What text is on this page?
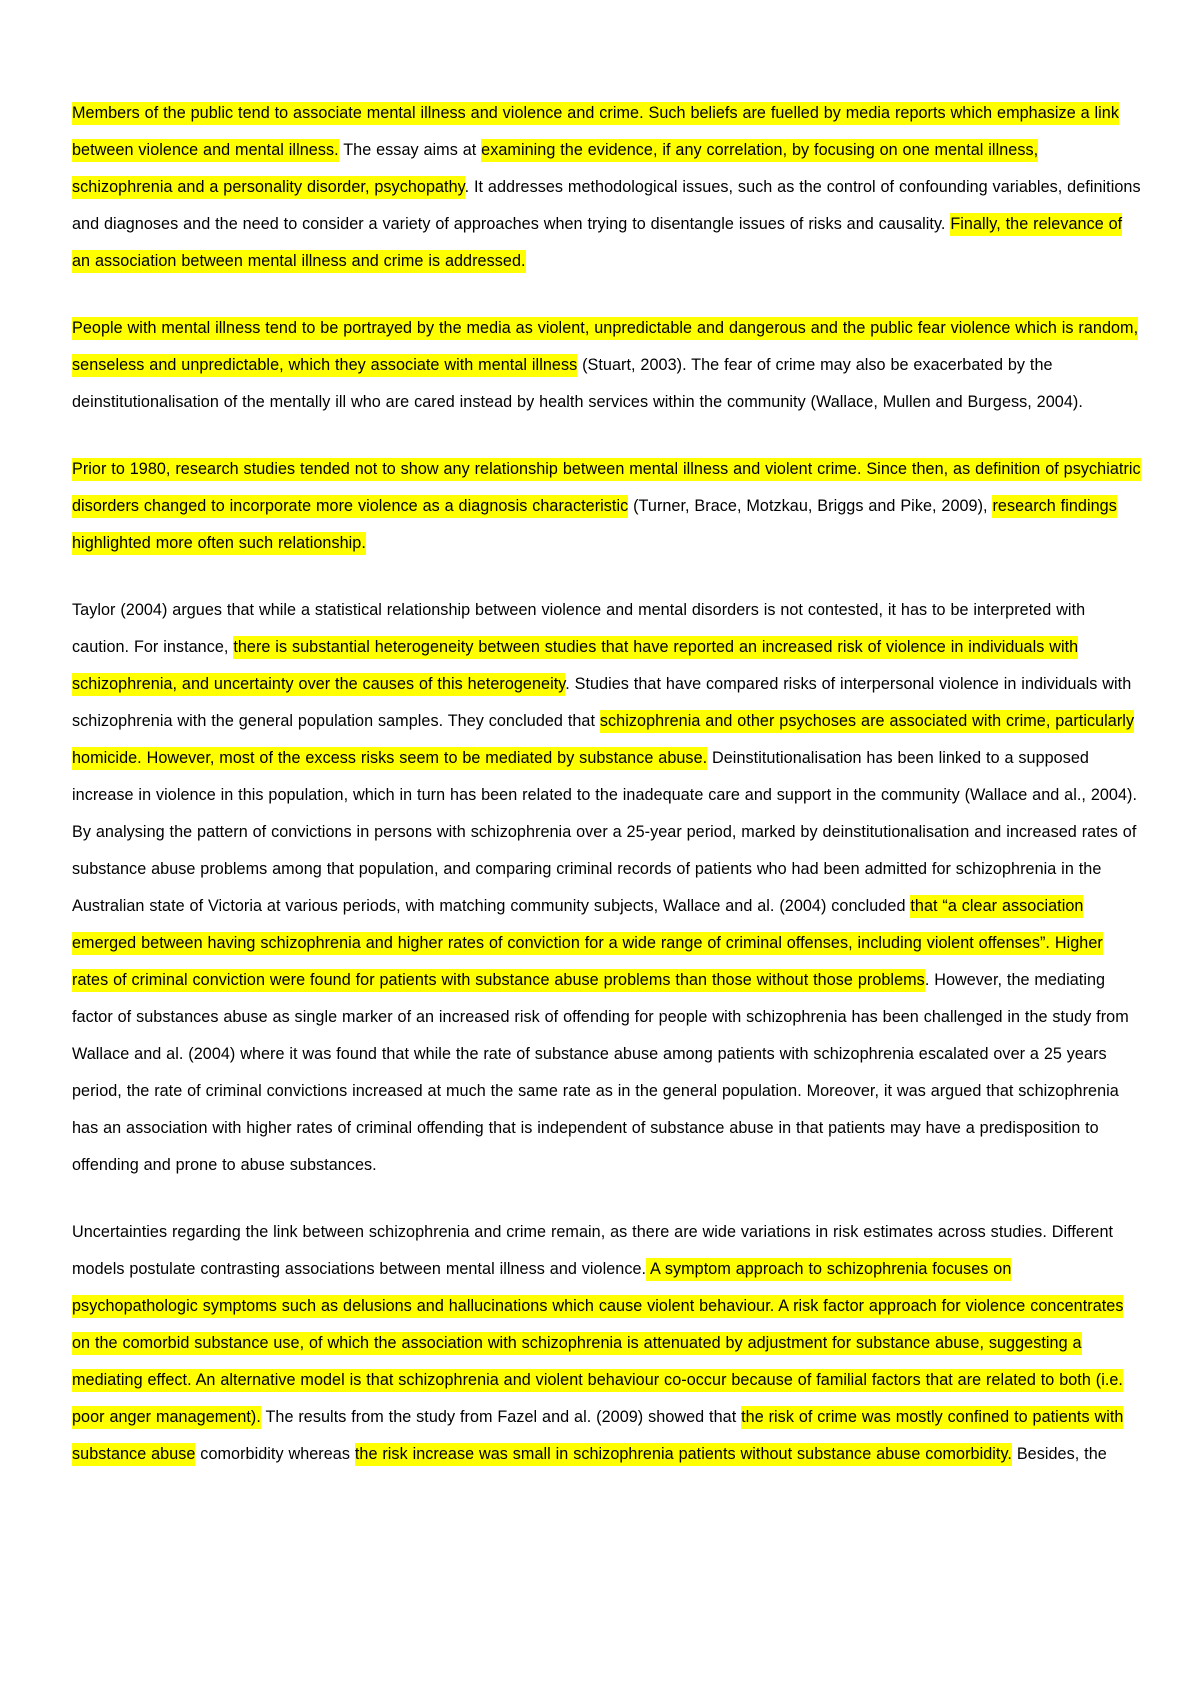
Members of the public tend to associate mental illness and violence and crime. Such beliefs are fuelled by media reports which emphasize a link between violence and mental illness. The essay aims at examining the evidence, if any correlation, by focusing on one mental illness, schizophrenia and a personality disorder, psychopathy. It addresses methodological issues, such as the control of confounding variables, definitions and diagnoses and the need to consider a variety of approaches when trying to disentangle issues of risks and causality. Finally, the relevance of an association between mental illness and crime is addressed.

People with mental illness tend to be portrayed by the media as violent, unpredictable and dangerous and the public fear violence which is random, senseless and unpredictable, which they associate with mental illness (Stuart, 2003). The fear of crime may also be exacerbated by the deinstitutionalisation of the mentally ill who are cared instead by health services within the community (Wallace, Mullen and Burgess, 2004).

Prior to 1980, research studies tended not to show any relationship between mental illness and violent crime. Since then, as definition of psychiatric disorders changed to incorporate more violence as a diagnosis characteristic (Turner, Brace, Motzkau, Briggs and Pike, 2009), research findings highlighted more often such relationship.

Taylor (2004) argues that while a statistical relationship between violence and mental disorders is not contested, it has to be interpreted with caution. For instance, there is substantial heterogeneity between studies that have reported an increased risk of violence in individuals with schizophrenia, and uncertainty over the causes of this heterogeneity. Studies that have compared risks of interpersonal violence in individuals with schizophrenia with the general population samples. They concluded that schizophrenia and other psychoses are associated with crime, particularly homicide. However, most of the excess risks seem to be mediated by substance abuse. Deinstitutionalisation has been linked to a supposed increase in violence in this population, which in turn has been related to the inadequate care and support in the community (Wallace and al., 2004). By analysing the pattern of convictions in persons with schizophrenia over a 25-year period, marked by deinstitutionalisation and increased rates of substance abuse problems among that population, and comparing criminal records of patients who had been admitted for schizophrenia in the Australian state of Victoria at various periods, with matching community subjects, Wallace and al. (2004) concluded that “a clear association emerged between having schizophrenia and higher rates of conviction for a wide range of criminal offenses, including violent offenses”. Higher rates of criminal conviction were found for patients with substance abuse problems than those without those problems. However, the mediating factor of substances abuse as single marker of an increased risk of offending for people with schizophrenia has been challenged in the study from Wallace and al. (2004) where it was found that while the rate of substance abuse among patients with schizophrenia escalated over a 25 years period, the rate of criminal convictions increased at much the same rate as in the general population. Moreover, it was argued that schizophrenia has an association with higher rates of criminal offending that is independent of substance abuse in that patients may have a predisposition to offending and prone to abuse substances.

Uncertainties regarding the link between schizophrenia and crime remain, as there are wide variations in risk estimates across studies. Different models postulate contrasting associations between mental illness and violence. A symptom approach to schizophrenia focuses on psychopathologic symptoms such as delusions and hallucinations which cause violent behaviour. A risk factor approach for violence concentrates on the comorbid substance use, of which the association with schizophrenia is attenuated by adjustment for substance abuse, suggesting a mediating effect. An alternative model is that schizophrenia and violent behaviour co-occur because of familial factors that are related to both (i.e. poor anger management). The results from the study from Fazel and al. (2009) showed that the risk of crime was mostly confined to patients with substance abuse comorbidity whereas the risk increase was small in schizophrenia patients without substance abuse comorbidity. Besides, the
